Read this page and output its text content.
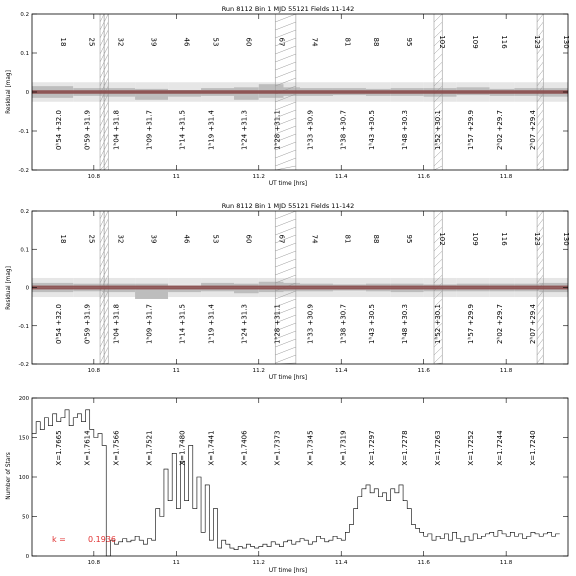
Run 8112 Bin 1 MJD 55121 Fields 11-142
UT time [hrs]
Residual [mag]
10.8	11	11.2	11.4	11.6	11.8
-0.2
-0.1
0
0.1
0.2
18	25	32	39	46	53	60	67	74	81	88	95	102	109	116	123	130
0ʰ54 +32.0	0ʰ59 +31.9	1ʰ04 +31.8	1ʰ09 +31.7	1ʰ14 +31.5	1ʰ19 +31.4	1ʰ24 +31.3	1ʰ28 +31.1	1ʰ33 +30.9	1ʰ38 +30.7	1ʰ43 +30.5	1ʰ48 +30.3	1ʰ52 +30.1	1ʰ57 +29.9	2ʰ02 +29.7	2ʰ07 +29.4
Run 8112 Bin 1 MJD 55121 Fields 11-142
UT time [hrs]
Residual [mag]
10.8	11	11.2	11.4	11.6	11.8
-0.2
-0.1
0
0.1
0.2
18	25	32	39	46	53	60	67	74	81	88	95	102	109	116	123	130
0ʰ54 +32.0	0ʰ59 +31.9	1ʰ04 +31.8	1ʰ09 +31.7	1ʰ14 +31.5	1ʰ19 +31.4	1ʰ24 +31.3	1ʰ28 +31.1	1ʰ33 +30.9	1ʰ38 +30.7	1ʰ43 +30.5	1ʰ48 +30.3	1ʰ52 +30.1	1ʰ57 +29.9	2ʰ02 +29.7	2ʰ07 +29.4
UT time [hrs]
Number of Stars
10.8	11	11.2	11.4	11.6	11.8
0
50
100
150
200
X=1.7665	X=1.7614	X=1.7566	X=1.7521	X=1.7480	X=1.7441	X=1.7406	X=1.7373	X=1.7345	X=1.7319	X=1.7297	X=1.7278	X=1.7263	X=1.7252	X=1.7244	X=1.7240
k =	0.1936
